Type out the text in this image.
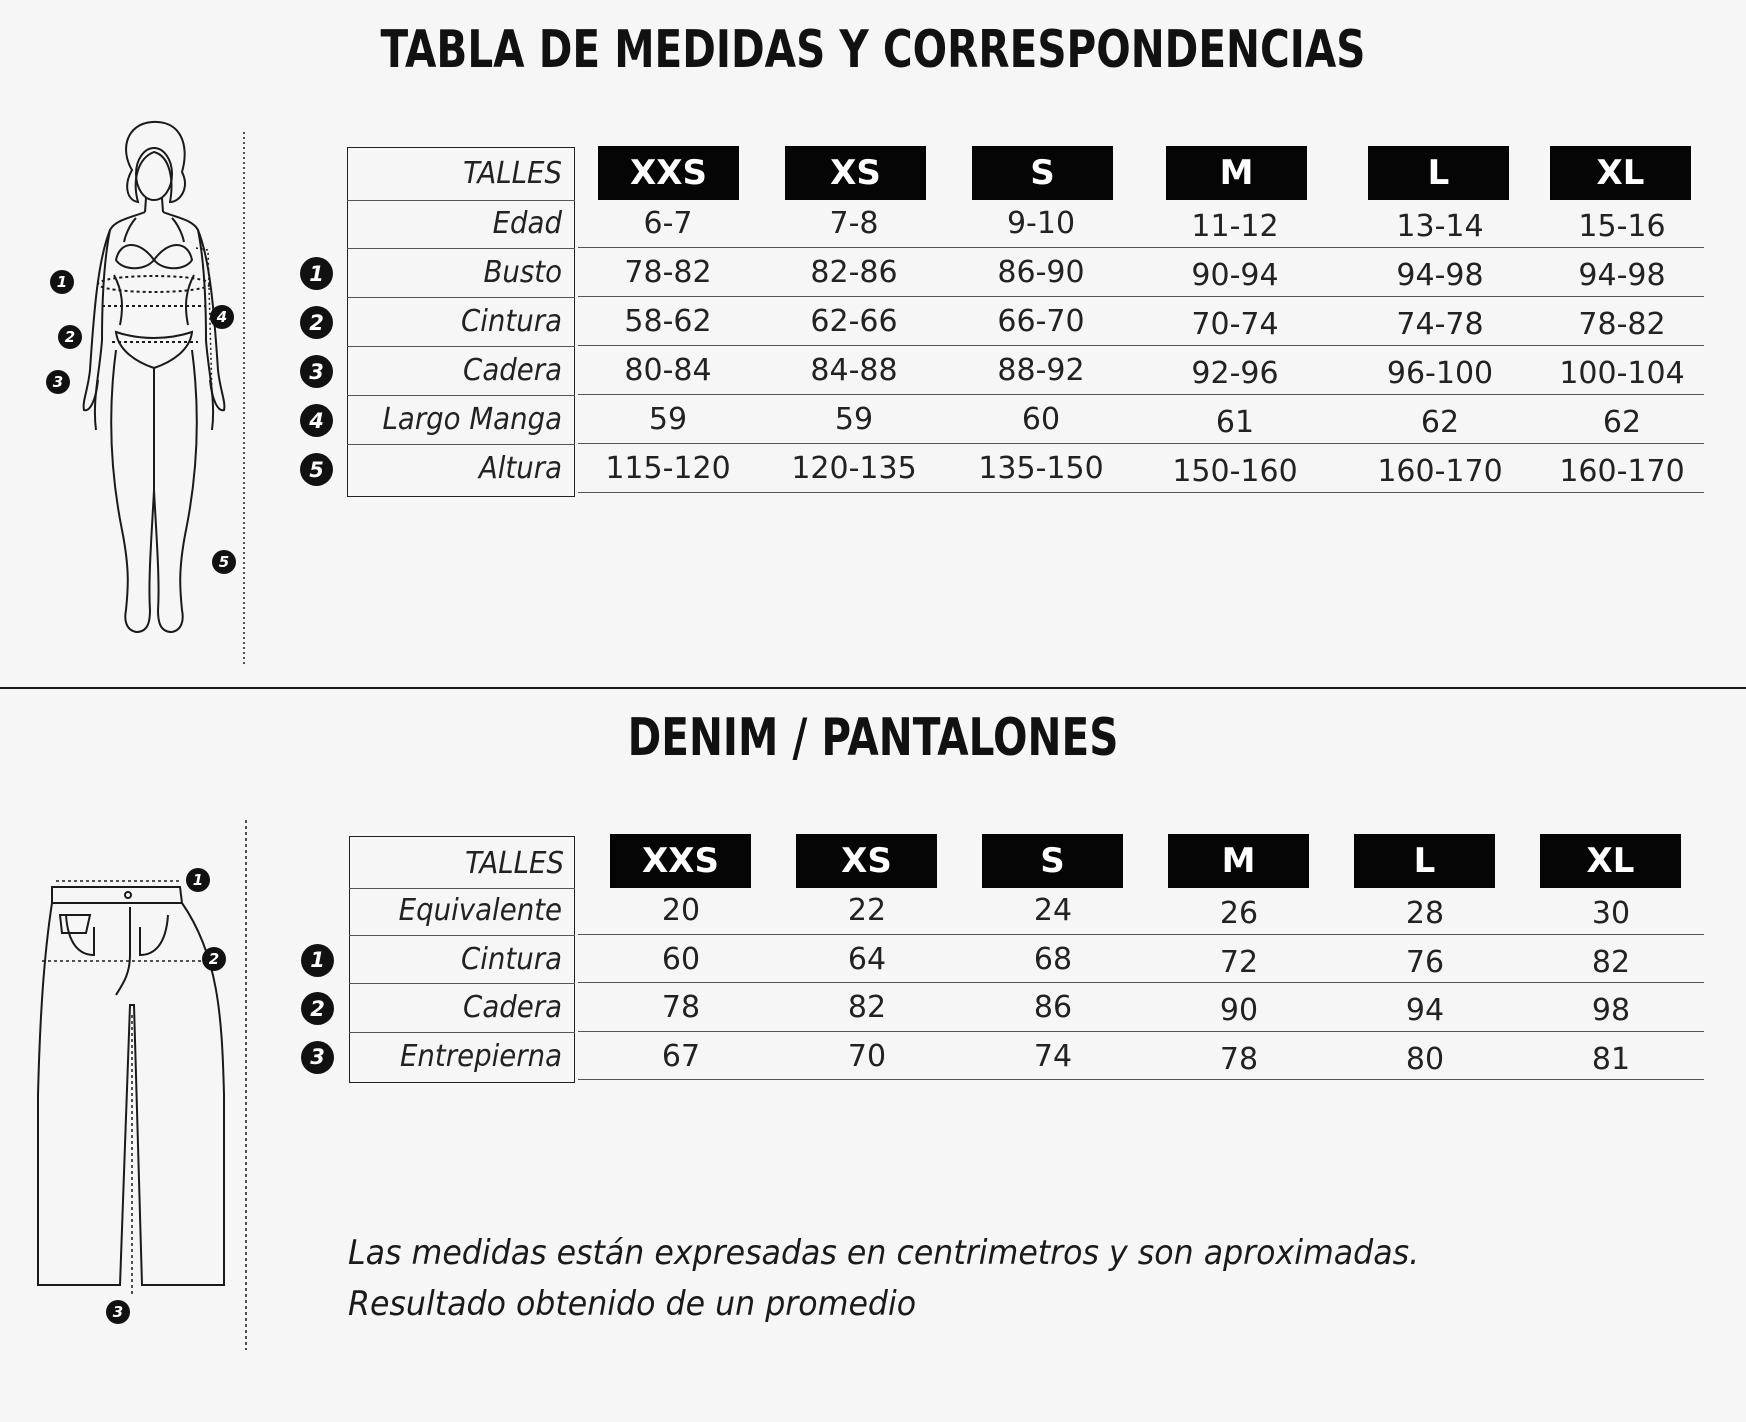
TABLA DE MEDIDAS Y CORRESPONDENCIAS
1
2
3
4
5
TALLES	XXS	XS	S	M	L	XL
Edad	6-7	7-8	9-10	11-12	13-14	15-16
1	Busto	78-82	82-86	86-90	90-94	94-98	94-98
2	Cintura	58-62	62-66	66-70	70-74	74-78	78-82
3	Cadera	80-84	84-88	88-92	92-96	96-100	100-104
4	Largo Manga	59	59	60	61	62	62
5	Altura	115-120	120-135	135-150	150-160	160-170	160-170
DENIM / PANTALONES
1
2
3
TALLES	XXS	XS	S	M	L	XL
Equivalente	20	22	24	26	28	30
1	Cintura	60	64	68	72	76	82
2	Cadera	78	82	86	90	94	98
3	Entrepierna	67	70	74	78	80	81
Las medidas están expresadas en centrimetros y son aproximadas.
Resultado obtenido de un promedio
